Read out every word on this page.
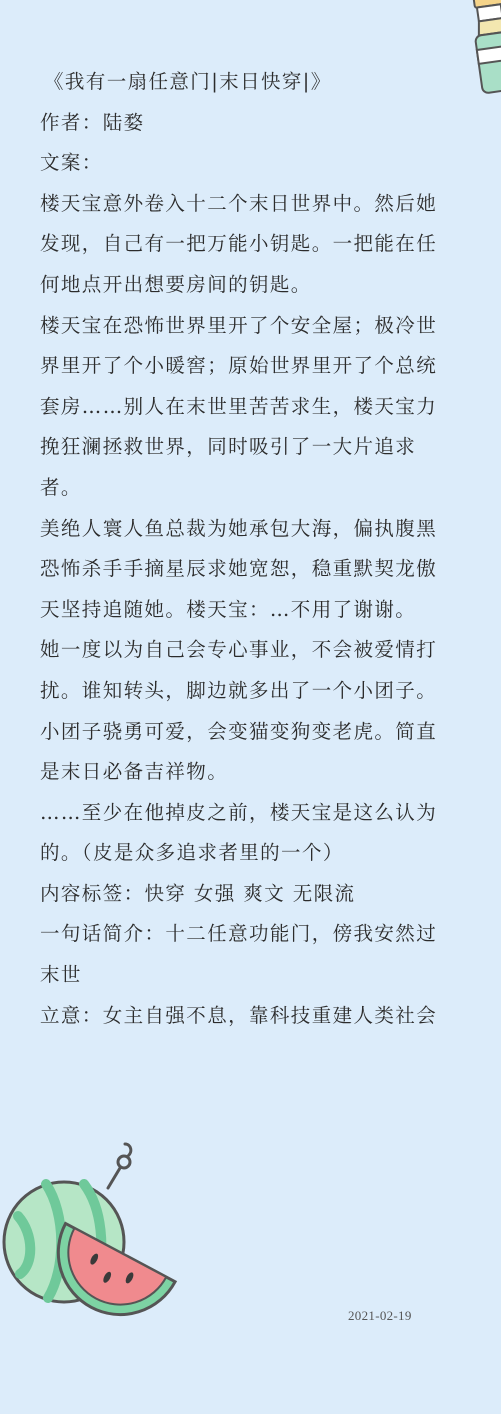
《我有一扇任意门|末日快穿|》

作者：陆婺

文案：

楼天宝意外卷入十二个末日世界中。然后她发现，自己有一把万能小钥匙。一把能在任何地点开出想要房间的钥匙。

楼天宝在恐怖世界里开了个安全屋；极冷世界里开了个小暖窖；原始世界里开了个总统套房……别人在末世里苦苦求生，楼天宝力挽狂澜拯救世界，同时吸引了一大片追求者。

美绝人寰人鱼总裁为她承包大海，偏执腹黑恐怖杀手手摘星辰求她宽恕，稳重默契龙傲天坚持追随她。楼天宝：…不用了谢谢。

她一度以为自己会专心事业，不会被爱情打扰。谁知转头，脚边就多出了一个小团子。小团子骁勇可爱，会变猫变狗变老虎。简直是末日必备吉祥物。

……至少在他掉皮之前，楼天宝是这么认为的。（皮是众多追求者里的一个）

内容标签：快穿 女强 爽文 无限流

一句话简介：十二任意功能门，傍我安然过末世

立意：女主自强不息，靠科技重建人类社会

2021-02-19
